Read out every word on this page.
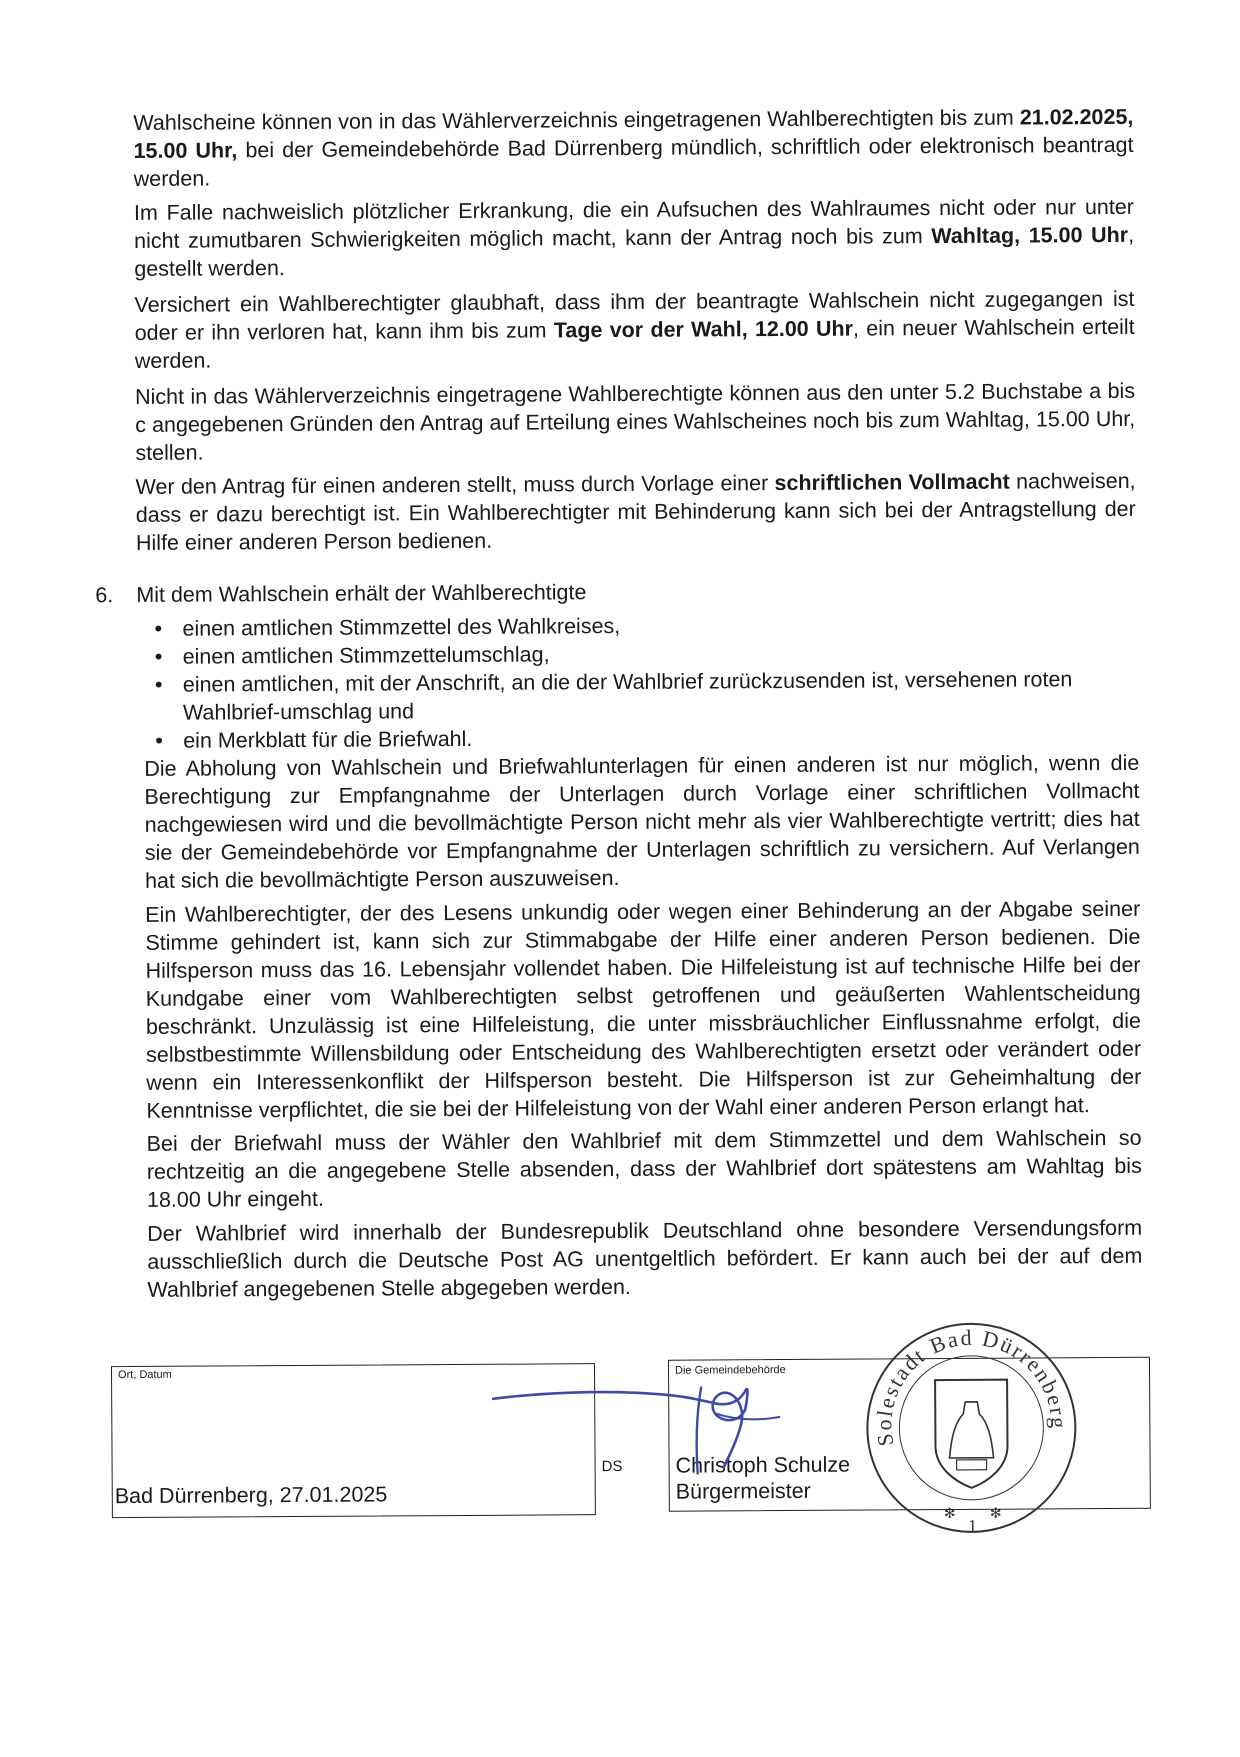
Wahlscheine können von in das Wählerverzeichnis eingetragenen Wahlberechtigten bis zum 21.02.2025, 15.00 Uhr, bei der Gemeindebehörde Bad Dürrenberg mündlich, schriftlich oder elektronisch beantragt werden.

Im Falle nachweislich plötzlicher Erkrankung, die ein Aufsuchen des Wahlraumes nicht oder nur unter nicht zumutbaren Schwierigkeiten möglich macht, kann der Antrag noch bis zum Wahltag, 15.00 Uhr, gestellt werden.

Versichert ein Wahlberechtigter glaubhaft, dass ihm der beantragte Wahlschein nicht zugegangen ist oder er ihn verloren hat, kann ihm bis zum Tage vor der Wahl, 12.00 Uhr, ein neuer Wahlschein erteilt werden.

Nicht in das Wählerverzeichnis eingetragene Wahlberechtigte können aus den unter 5.2 Buchstabe a bis c angegebenen Gründen den Antrag auf Erteilung eines Wahlscheines noch bis zum Wahltag, 15.00 Uhr, stellen.

Wer den Antrag für einen anderen stellt, muss durch Vorlage einer schriftlichen Vollmacht nachweisen, dass er dazu berechtigt ist. Ein Wahlberechtigter mit Behinderung kann sich bei der Antragstellung der Hilfe einer anderen Person bedienen.

6. Mit dem Wahlschein erhält der Wahlberechtigte
• einen amtlichen Stimmzettel des Wahlkreises,
• einen amtlichen Stimmzettelumschlag,
• einen amtlichen, mit der Anschrift, an die der Wahlbrief zurückzusenden ist, versehenen roten Wahlbrief-umschlag und
• ein Merkblatt für die Briefwahl.

Die Abholung von Wahlschein und Briefwahlunterlagen für einen anderen ist nur möglich, wenn die Berechtigung zur Empfangnahme der Unterlagen durch Vorlage einer schriftlichen Vollmacht nachgewiesen wird und die bevollmächtigte Person nicht mehr als vier Wahlberechtigte vertritt; dies hat sie der Gemeindebehörde vor Empfangnahme der Unterlagen schriftlich zu versichern. Auf Verlangen hat sich die bevollmächtigte Person auszuweisen.

Ein Wahlberechtigter, der des Lesens unkundig oder wegen einer Behinderung an der Abgabe seiner Stimme gehindert ist, kann sich zur Stimmabgabe der Hilfe einer anderen Person bedienen. Die Hilfsperson muss das 16. Lebensjahr vollendet haben. Die Hilfeleistung ist auf technische Hilfe bei der Kundgabe einer vom Wahlberechtigten selbst getroffenen und geäußerten Wahlentscheidung beschränkt. Unzulässig ist eine Hilfeleistung, die unter missbräuchlicher Einflussnahme erfolgt, die selbstbestimmte Willensbildung oder Entscheidung des Wahlberechtigten ersetzt oder verändert oder wenn ein Interessenkonflikt der Hilfsperson besteht. Die Hilfsperson ist zur Geheimhaltung der Kenntnisse verpflichtet, die sie bei der Hilfeleistung von der Wahl einer anderen Person erlangt hat.

Bei der Briefwahl muss der Wähler den Wahlbrief mit dem Stimmzettel und dem Wahlschein so rechtzeitig an die angegebene Stelle absenden, dass der Wahlbrief dort spätestens am Wahltag bis 18.00 Uhr eingeht.

Der Wahlbrief wird innerhalb der Bundesrepublik Deutschland ohne besondere Versendungsform ausschließlich durch die Deutsche Post AG unentgeltlich befördert. Er kann auch bei der auf dem Wahlbrief angegebenen Stelle abgegeben werden.

Ort, Datum
Bad Dürrenberg, 27.01.2025
DS
Die Gemeindebehörde
Christoph Schulze
Bürgermeister
Solestadt Bad Dürrenberg
✻ ✻
1
